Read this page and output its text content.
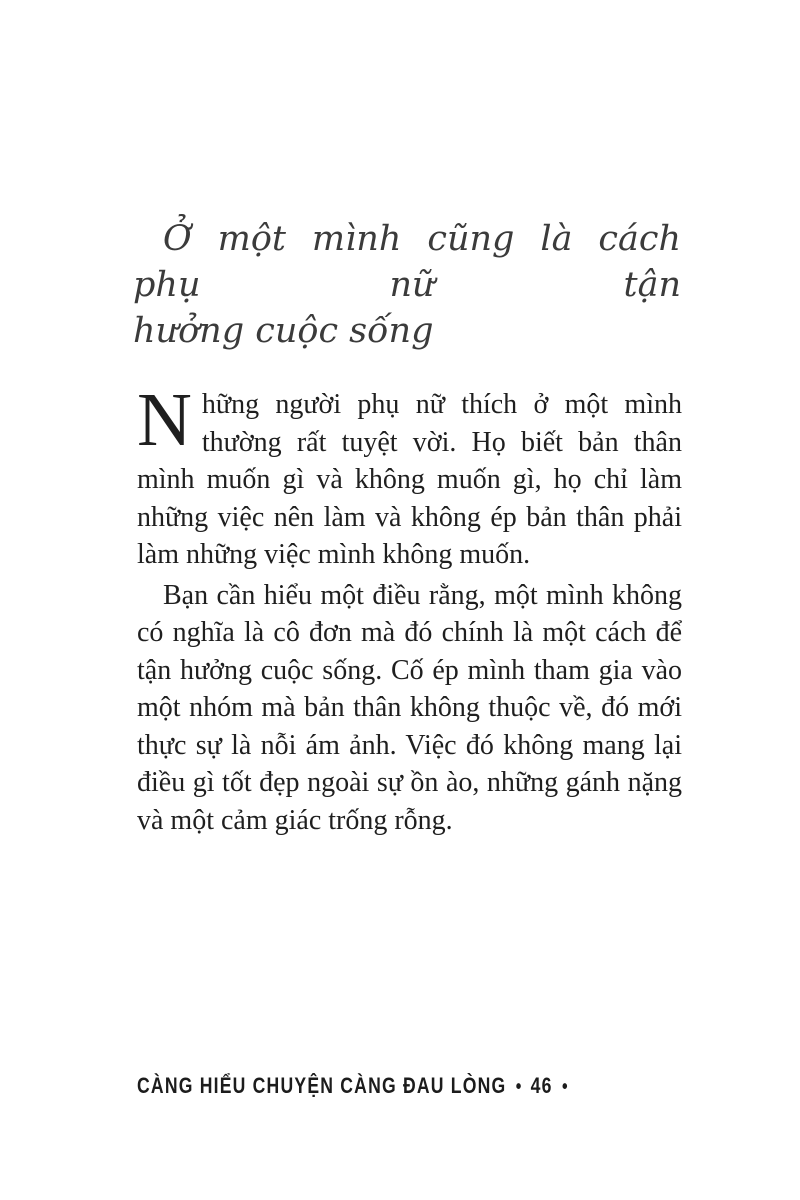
Ở một mình cũng là cách phụ nữ tận
hưởng cuộc sống

Những người phụ nữ thích ở một mình thường rất tuyệt vời. Họ biết bản thân mình muốn gì và không muốn gì, họ chỉ làm những việc nên làm và không ép bản thân phải làm những việc mình không muốn.

Bạn cần hiểu một điều rằng, một mình không có nghĩa là cô đơn mà đó chính là một cách để tận hưởng cuộc sống. Cố ép mình tham gia vào một nhóm mà bản thân không thuộc về, đó mới thực sự là nỗi ám ảnh. Việc đó không mang lại điều gì tốt đẹp ngoài sự ồn ào, những gánh nặng và một cảm giác trống rỗng.

CÀNG HIỂU CHUYỆN CÀNG ĐAU LÒNG • 46 •
